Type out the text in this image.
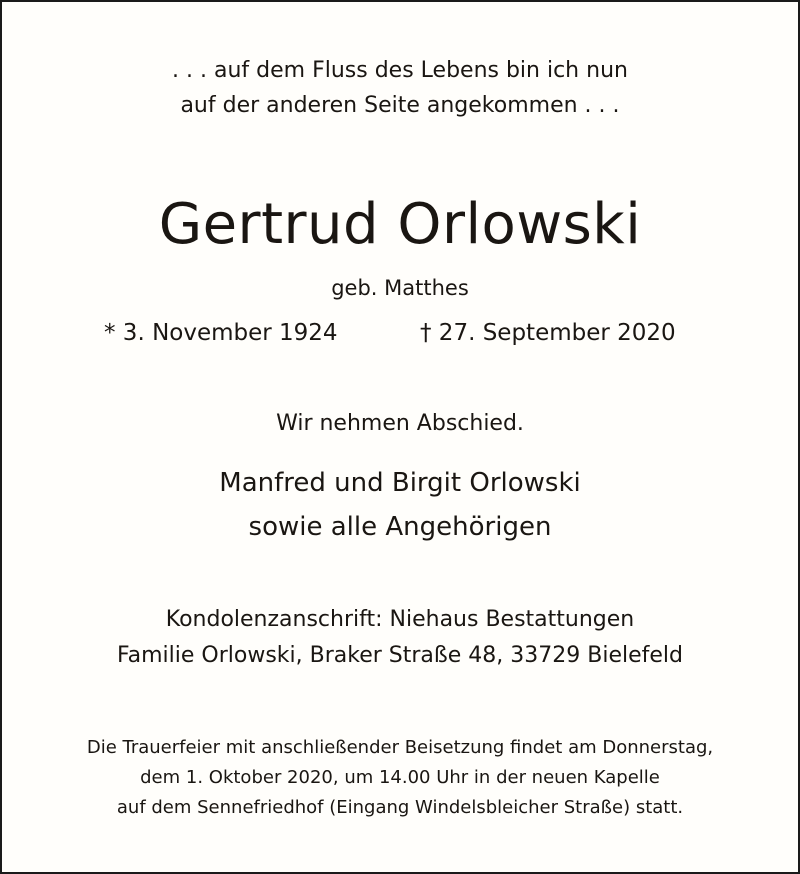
. . . auf dem Fluss des Lebens bin ich nun

auf der anderen Seite angekommen . . .

Gertrud Orlowski

geb. Matthes

* 3. November 1924	† 27. September 2020

Wir nehmen Abschied.

Manfred und Birgit Orlowski

sowie alle Angehörigen

Kondolenzanschrift: Niehaus Bestattungen

Familie Orlowski, Braker Straße 48, 33729 Bielefeld

Die Trauerfeier mit anschließender Beisetzung findet am Donnerstag,

dem 1. Oktober 2020, um 14.00 Uhr in der neuen Kapelle

auf dem Sennefriedhof (Eingang Windelsbleicher Straße) statt.
